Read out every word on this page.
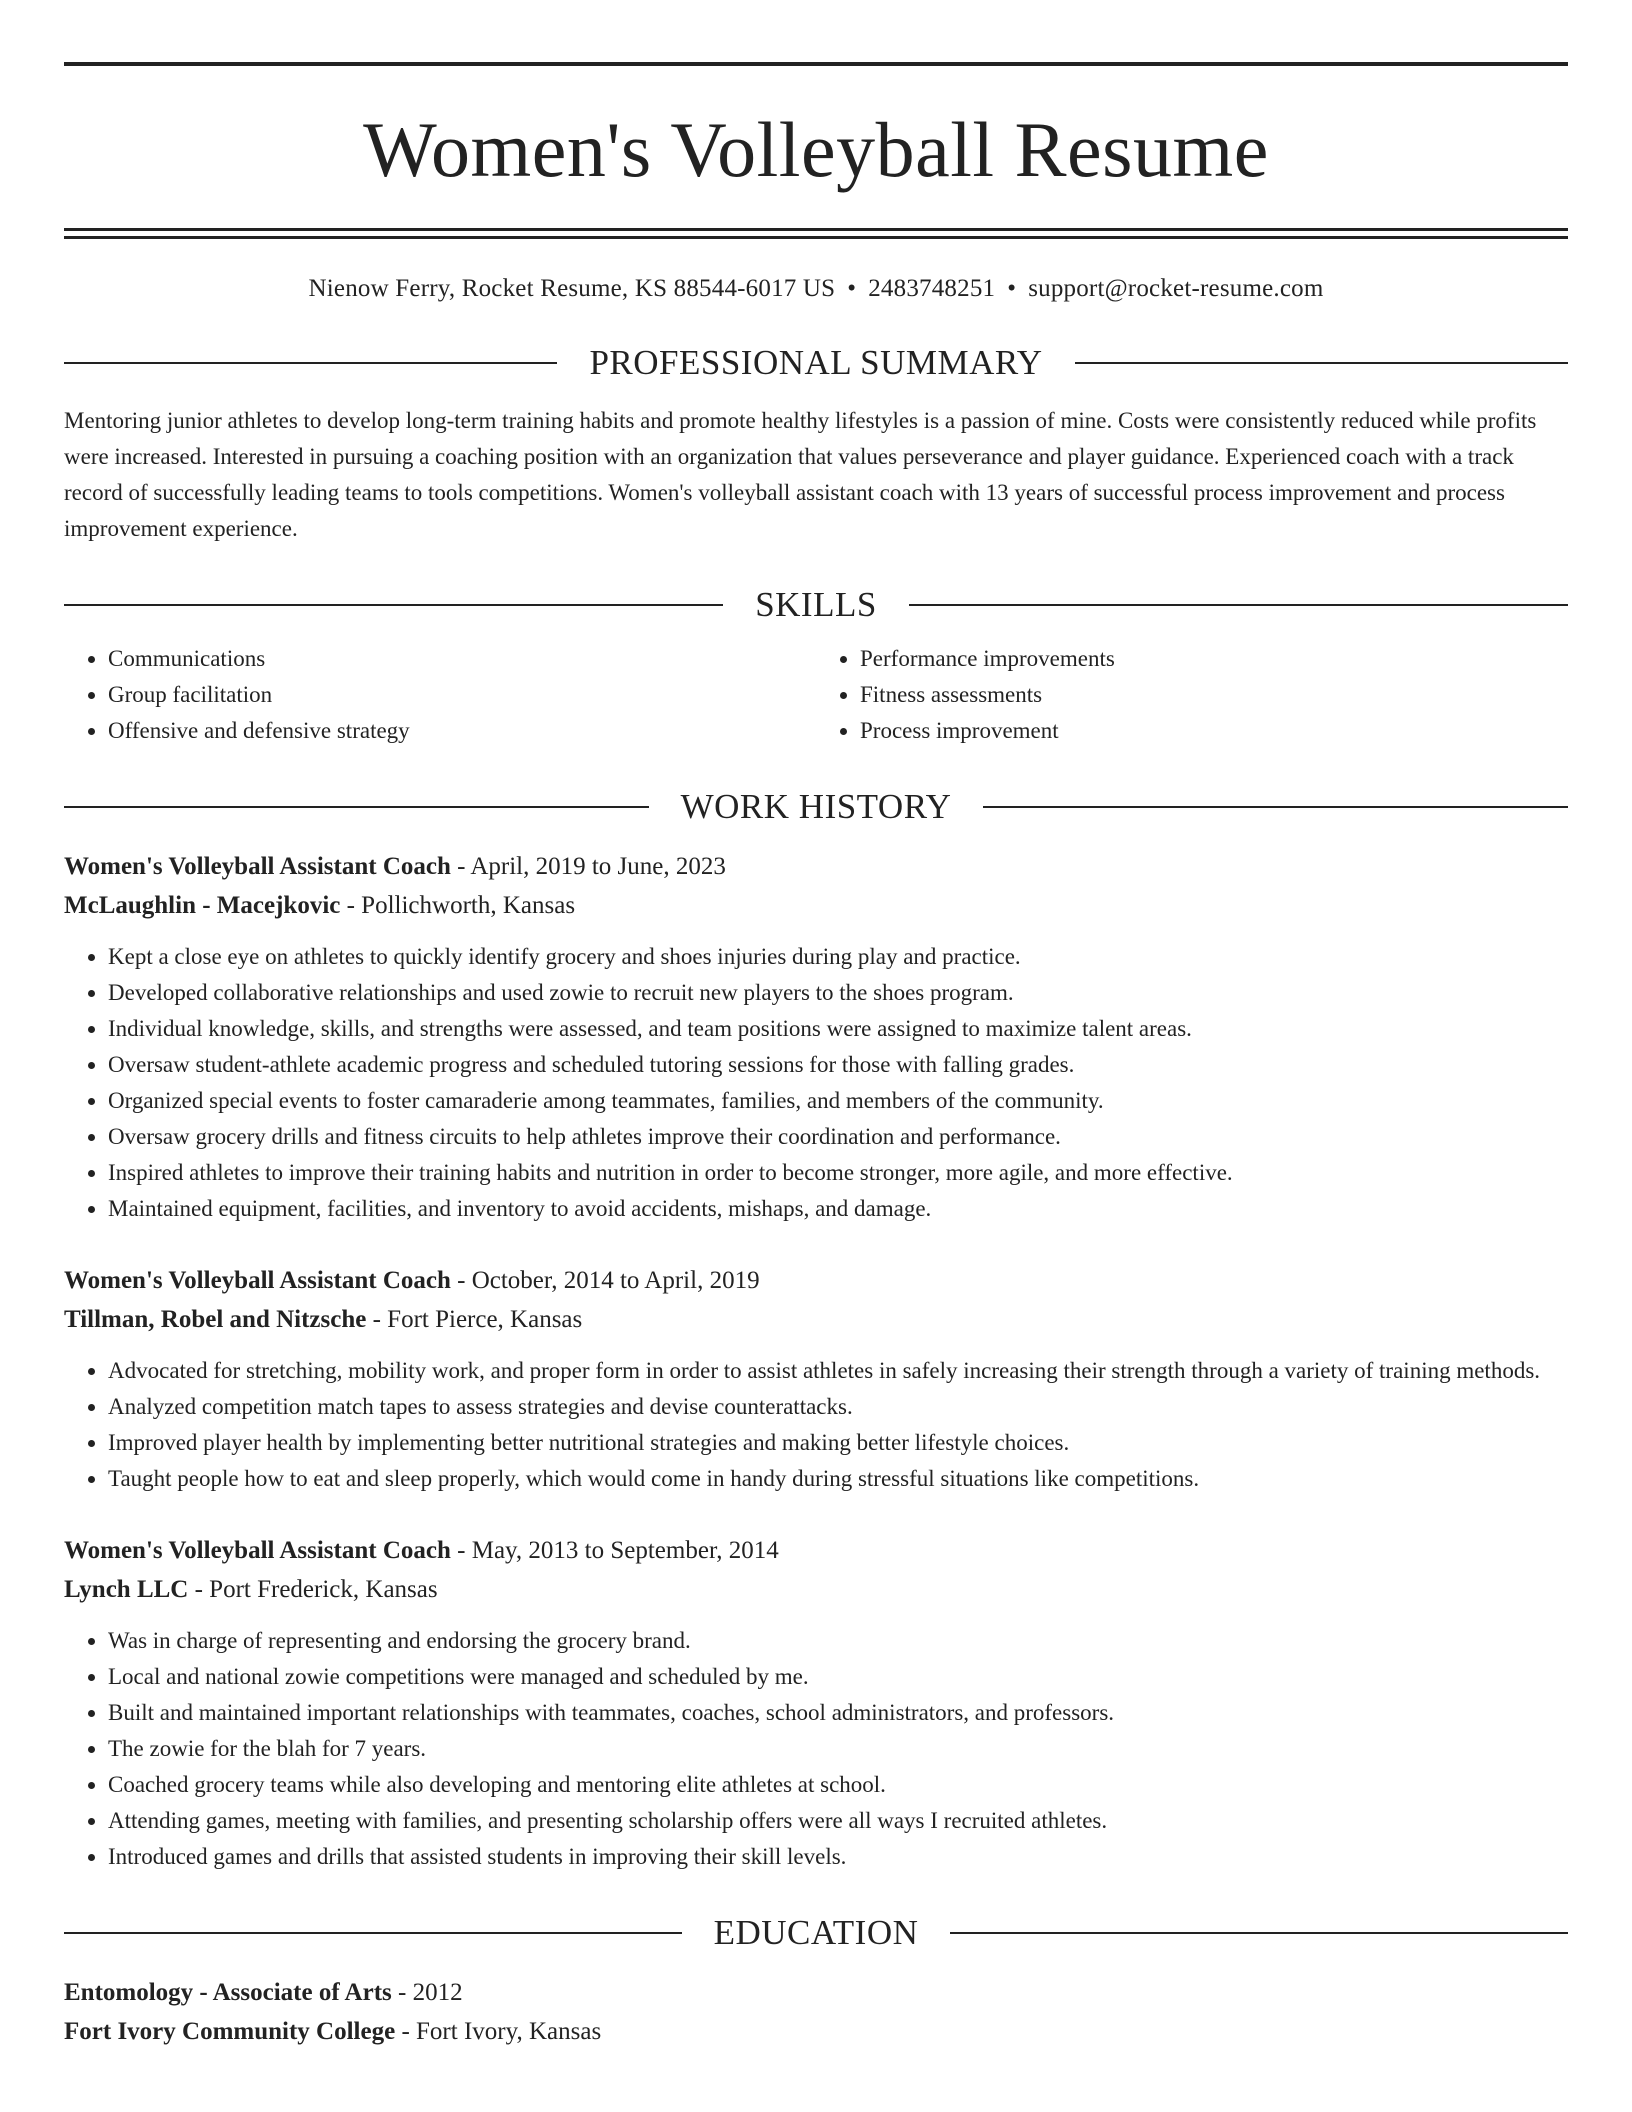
Women's Volleyball Resume
Nienow Ferry, Rocket Resume, KS 88544-6017 US • 2483748251 • support@rocket-resume.com
PROFESSIONAL SUMMARY
Mentoring junior athletes to develop long-term training habits and promote healthy lifestyles is a passion of mine. Costs were consistently reduced while profits were increased. Interested in pursuing a coaching position with an organization that values perseverance and player guidance. Experienced coach with a track record of successfully leading teams to tools competitions. Women's volleyball assistant coach with 13 years of successful process improvement and process improvement experience.
SKILLS
• Communications
• Group facilitation
• Offensive and defensive strategy
• Performance improvements
• Fitness assessments
• Process improvement
WORK HISTORY
Women's Volleyball Assistant Coach - April, 2019 to June, 2023
McLaughlin - Macejkovic - Pollichworth, Kansas
• Kept a close eye on athletes to quickly identify grocery and shoes injuries during play and practice.
• Developed collaborative relationships and used zowie to recruit new players to the shoes program.
• Individual knowledge, skills, and strengths were assessed, and team positions were assigned to maximize talent areas.
• Oversaw student-athlete academic progress and scheduled tutoring sessions for those with falling grades.
• Organized special events to foster camaraderie among teammates, families, and members of the community.
• Oversaw grocery drills and fitness circuits to help athletes improve their coordination and performance.
• Inspired athletes to improve their training habits and nutrition in order to become stronger, more agile, and more effective.
• Maintained equipment, facilities, and inventory to avoid accidents, mishaps, and damage.
Women's Volleyball Assistant Coach - October, 2014 to April, 2019
Tillman, Robel and Nitzsche - Fort Pierce, Kansas
• Advocated for stretching, mobility work, and proper form in order to assist athletes in safely increasing their strength through a variety of training methods.
• Analyzed competition match tapes to assess strategies and devise counterattacks.
• Improved player health by implementing better nutritional strategies and making better lifestyle choices.
• Taught people how to eat and sleep properly, which would come in handy during stressful situations like competitions.
Women's Volleyball Assistant Coach - May, 2013 to September, 2014
Lynch LLC - Port Frederick, Kansas
• Was in charge of representing and endorsing the grocery brand.
• Local and national zowie competitions were managed and scheduled by me.
• Built and maintained important relationships with teammates, coaches, school administrators, and professors.
• The zowie for the blah for 7 years.
• Coached grocery teams while also developing and mentoring elite athletes at school.
• Attending games, meeting with families, and presenting scholarship offers were all ways I recruited athletes.
• Introduced games and drills that assisted students in improving their skill levels.
EDUCATION
Entomology - Associate of Arts - 2012
Fort Ivory Community College - Fort Ivory, Kansas
